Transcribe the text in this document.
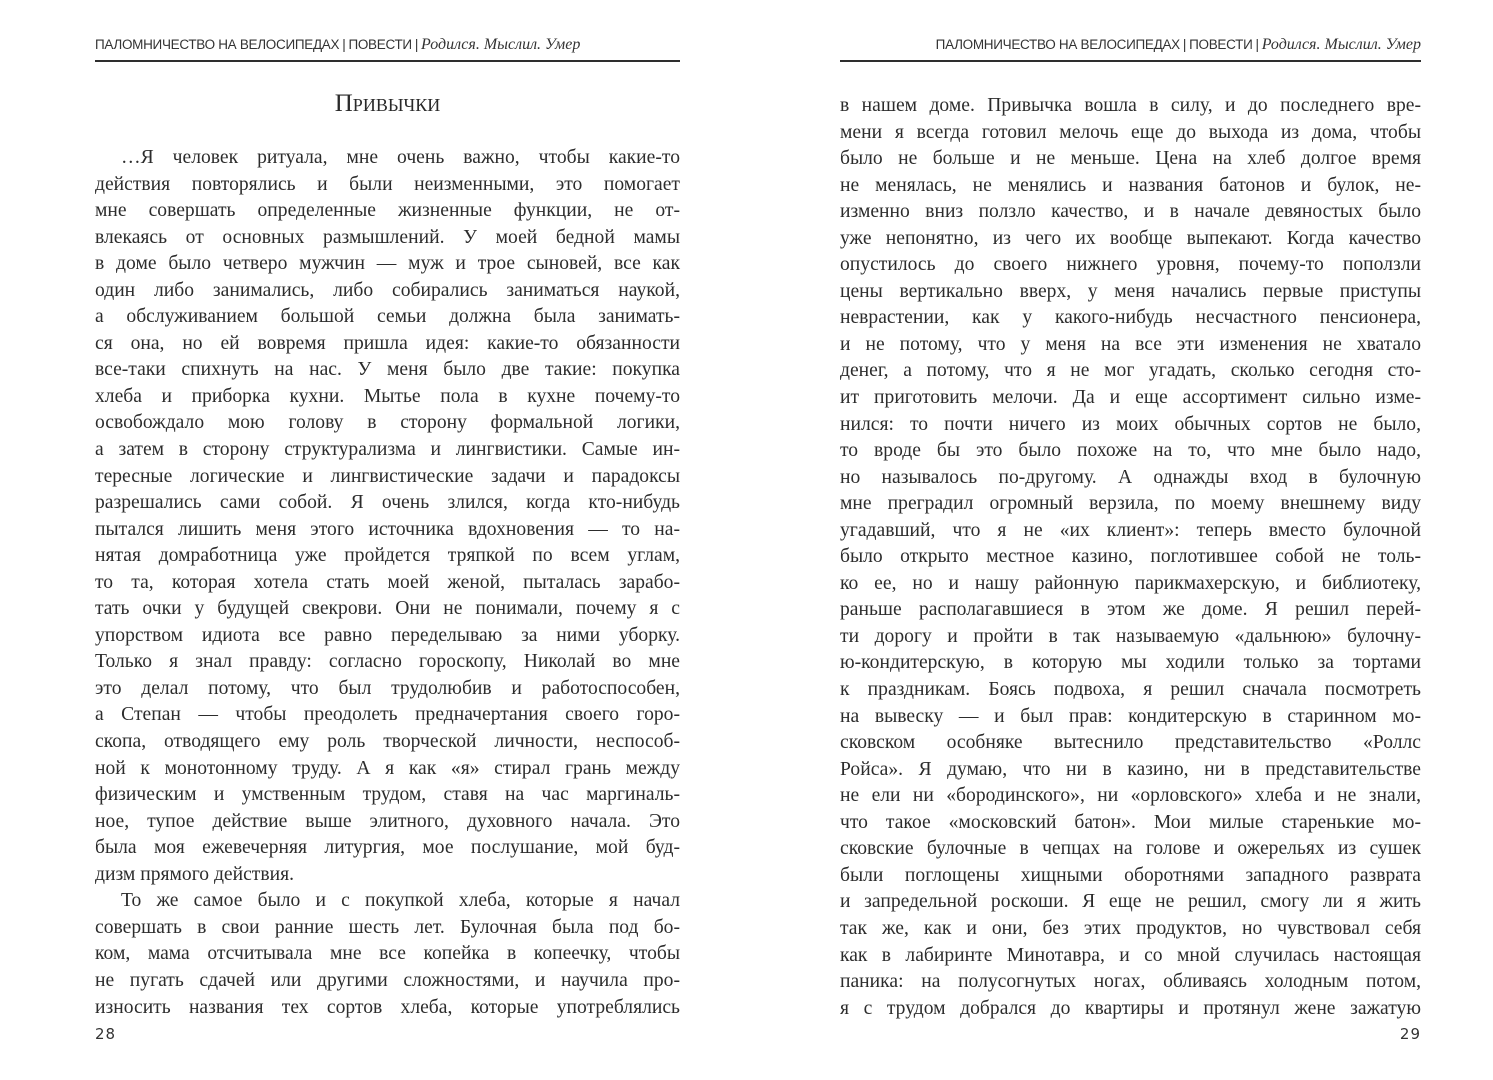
ПАЛОМНИЧЕСТВО НА ВЕЛОСИПЕДАХ | ПОВЕСТИ | Родился. Мыслил. Умер
Привычки
…Я человек ритуала, мне очень важно, чтобы какие-то
действия повторялись и были неизменными, это помогает
мне совершать определенные жизненные функции, не от-
влекаясь от основных размышлений. У моей бедной мамы
в доме было четверо мужчин — муж и трое сыновей, все как
один либо занимались, либо собирались заниматься наукой,
а обслуживанием большой семьи должна была занимать-
ся она, но ей вовремя пришла идея: какие-то обязанности
все-таки спихнуть на нас. У меня было две такие: покупка
хлеба и приборка кухни. Мытье пола в кухне почему-то
освобождало мою голову в сторону формальной логики,
а затем в сторону структурализма и лингвистики. Самые ин-
тересные логические и лингвистические задачи и парадоксы
разрешались сами собой. Я очень злился, когда кто-нибудь
пытался лишить меня этого источника вдохновения — то на-
нятая домработница уже пройдется тряпкой по всем углам,
то та, которая хотела стать моей женой, пыталась зарабо-
тать очки у будущей свекрови. Они не понимали, почему я с
упорством идиота все равно переделываю за ними уборку.
Только я знал правду: согласно гороскопу, Николай во мне
это делал потому, что был трудолюбив и работоспособен,
а Степан — чтобы преодолеть предначертания своего горо-
скопа, отводящего ему роль творческой личности, неспособ-
ной к монотонному труду. А я как «я» стирал грань между
физическим и умственным трудом, ставя на час маргиналь-
ное, тупое действие выше элитного, духовного начала. Это
была моя ежевечерняя литургия, мое послушание, мой буд-
дизм прямого действия.
То же самое было и с покупкой хлеба, которые я начал
совершать в свои ранние шесть лет. Булочная была под бо-
ком, мама отсчитывала мне все копейка в копеечку, чтобы
не пугать сдачей или другими сложностями, и научила про-
износить названия тех сортов хлеба, которые употреблялись
28
ПАЛОМНИЧЕСТВО НА ВЕЛОСИПЕДАХ | ПОВЕСТИ | Родился. Мыслил. Умер
в нашем доме. Привычка вошла в силу, и до последнего вре-
мени я всегда готовил мелочь еще до выхода из дома, чтобы
было не больше и не меньше. Цена на хлеб долгое время
не менялась, не менялись и названия батонов и булок, не-
изменно вниз ползло качество, и в начале девяностых было
уже непонятно, из чего их вообще выпекают. Когда качество
опустилось до своего нижнего уровня, почему-то поползли
цены вертикально вверх, у меня начались первые приступы
неврастении, как у какого-нибудь несчастного пенсионера,
и не потому, что у меня на все эти изменения не хватало
денег, а потому, что я не мог угадать, сколько сегодня сто-
ит приготовить мелочи. Да и еще ассортимент сильно изме-
нился: то почти ничего из моих обычных сортов не было,
то вроде бы это было похоже на то, что мне было надо,
но называлось по-другому. А однажды вход в булочную
мне преградил огромный верзила, по моему внешнему виду
угадавший, что я не «их клиент»: теперь вместо булочной
было открыто местное казино, поглотившее собой не толь-
ко ее, но и нашу районную парикмахерскую, и библиотеку,
раньше располагавшиеся в этом же доме. Я решил перей-
ти дорогу и пройти в так называемую «дальнюю» булочну-
ю-кондитерскую, в которую мы ходили только за тортами
к праздникам. Боясь подвоха, я решил сначала посмотреть
на вывеску — и был прав: кондитерскую в старинном мо-
сковском особняке вытеснило представительство «Роллс
Ройса». Я думаю, что ни в казино, ни в представительстве
не ели ни «бородинского», ни «орловского» хлеба и не знали,
что такое «московский батон». Мои милые старенькие мо-
сковские булочные в чепцах на голове и ожерельях из сушек
были поглощены хищными оборотнями западного разврата
и запредельной роскоши. Я еще не решил, смогу ли я жить
так же, как и они, без этих продуктов, но чувствовал себя
как в лабиринте Минотавра, и со мной случилась настоящая
паника: на полусогнутых ногах, обливаясь холодным потом,
я с трудом добрался до квартиры и протянул жене зажатую
29
